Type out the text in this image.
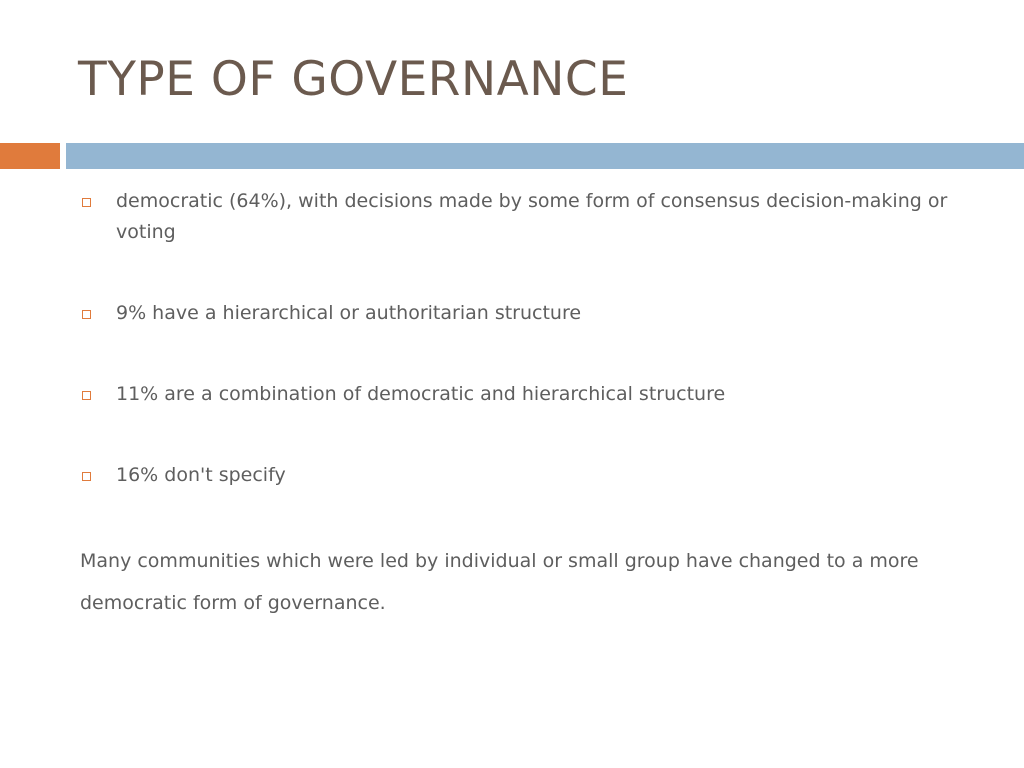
TYPE OF GOVERNANCE
democratic (64%), with decisions made by some form of consensus decision-making or voting
9% have a hierarchical or authoritarian structure
11% are a combination of democratic and hierarchical structure
16% don't specify

Many communities which were led by individual or small group have changed to a more democratic form of governance.
